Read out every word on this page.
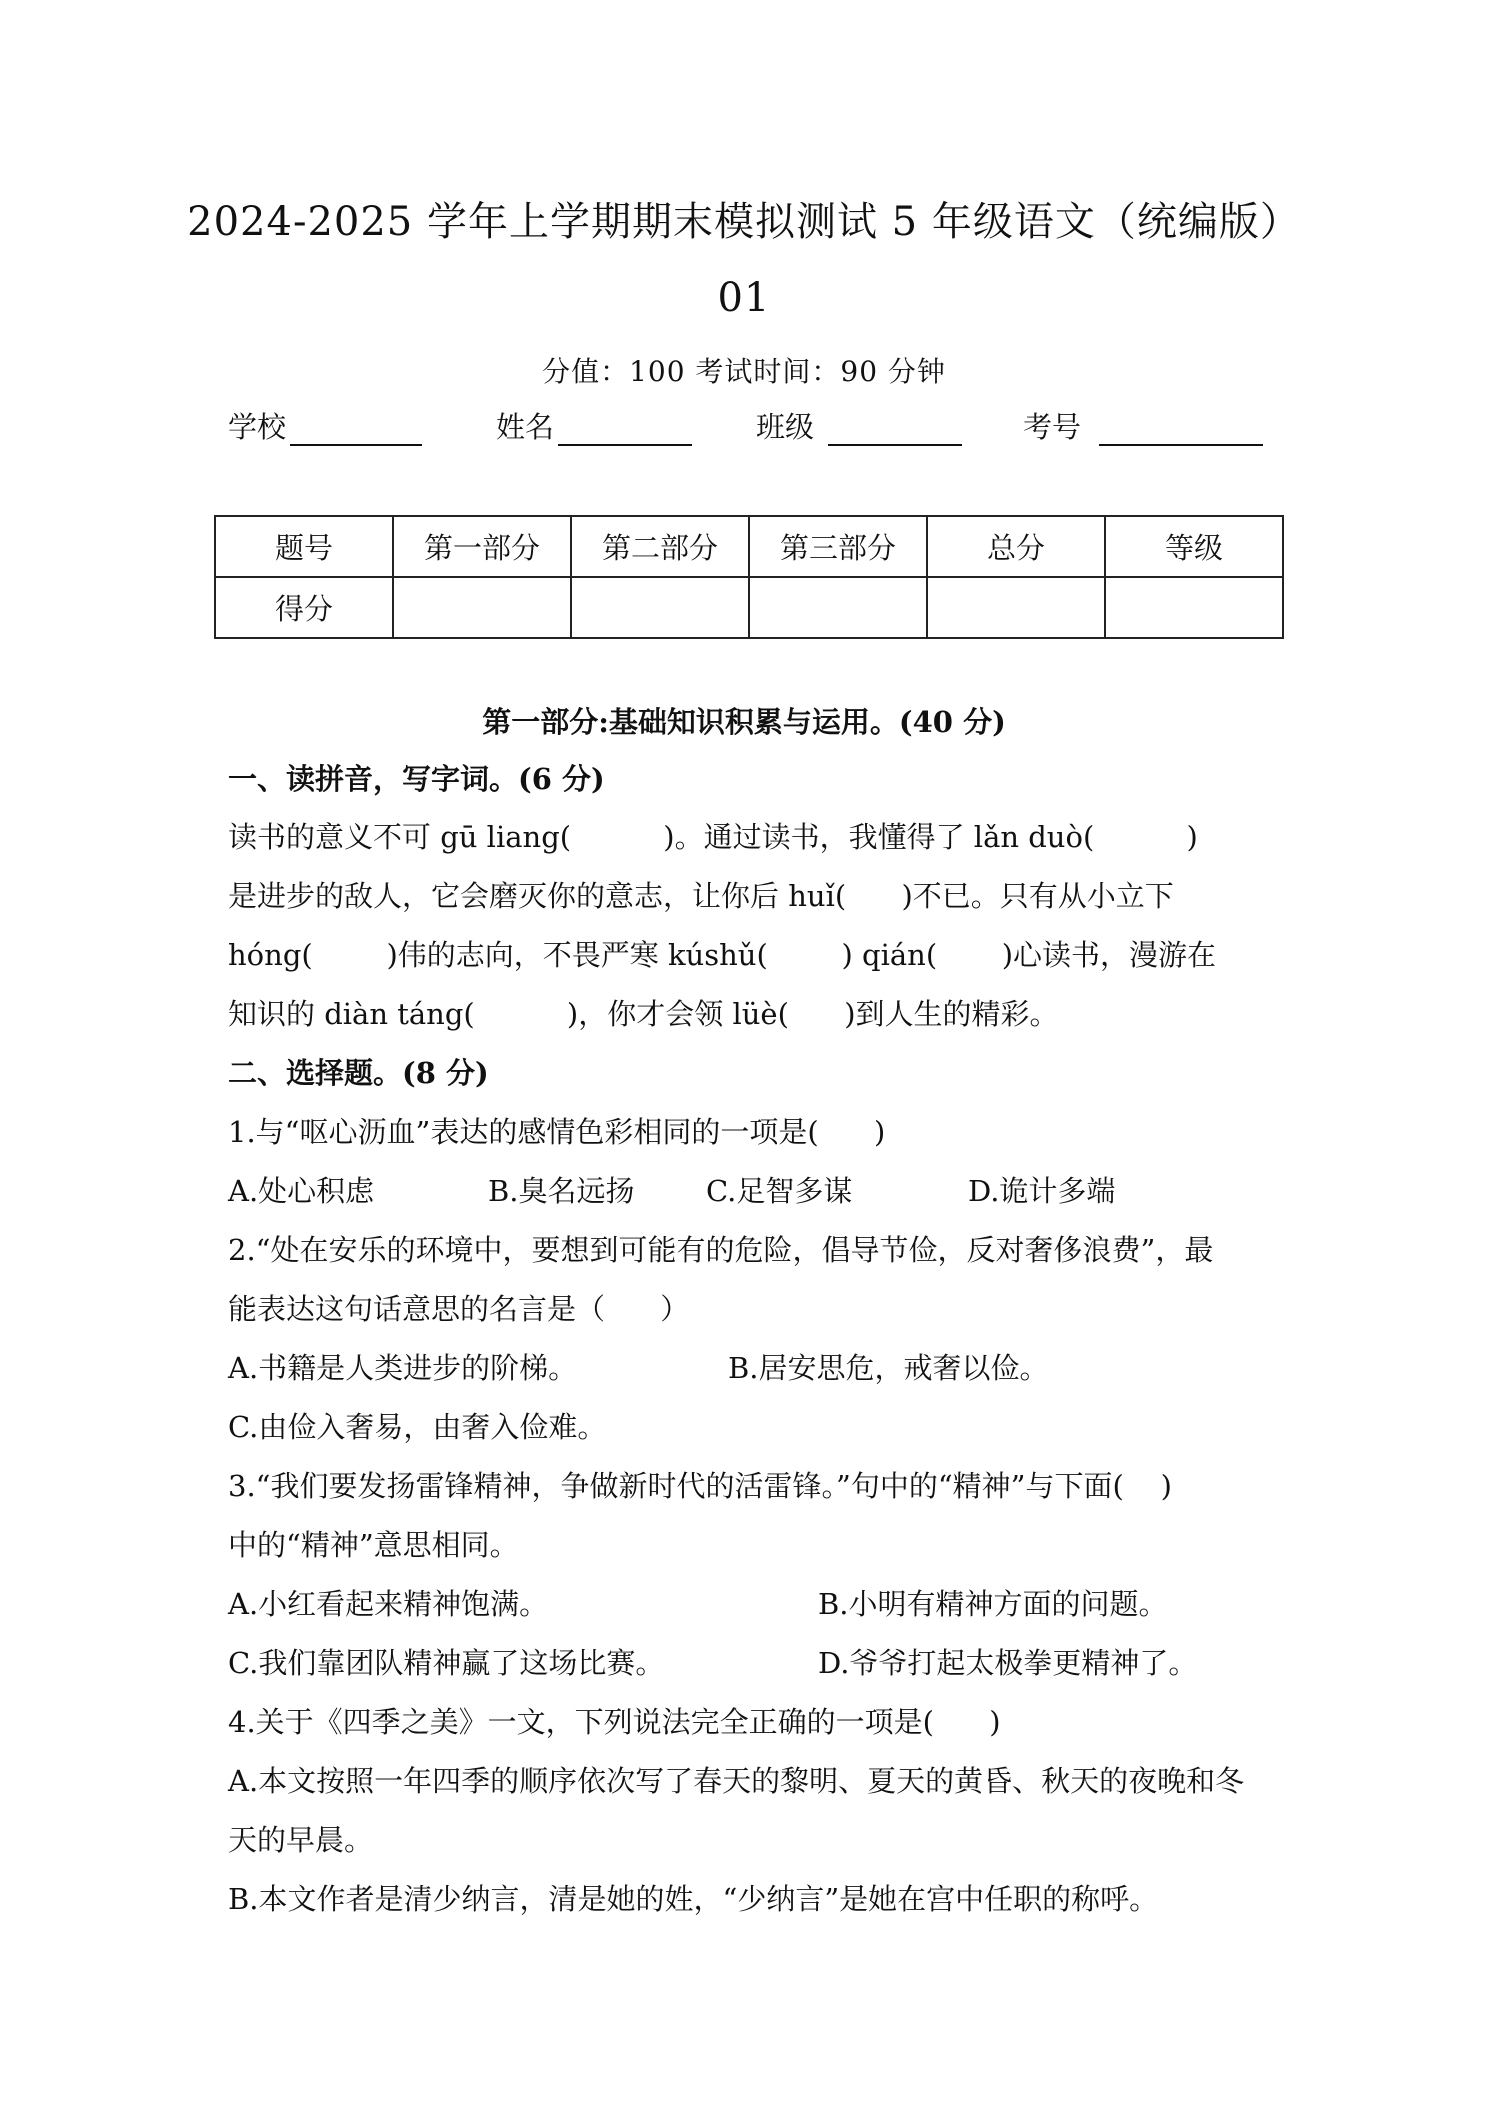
2024-2025 学年上学期期末模拟测试 5 年级语文（统编版）
01
分值：100 考试时间：90 分钟
学校	姓名	班级	考号
题号	第一部分	第二部分	第三部分	总分	等级
得分					
第一部分:基础知识积累与运用。(40 分)
一、读拼音，写字词。(6 分)
读书的意义不可 gū liang(          )。通过读书，我懂得了 lǎn duò(          )
是进步的敌人，它会磨灭你的意志，让你后 huǐ(      )不已。只有从小立下
hóng(        )伟的志向，不畏严寒 kúshǔ(        ) qián(       )心读书，漫游在
知识的 diàn táng(          )，你才会领 lüè(      )到人生的精彩。
二、选择题。(8 分)
1.与“呕心沥血”表达的感情色彩相同的一项是(      )
A.处心积虑	B.臭名远扬 C.足智多谋	D.诡计多端
2.“处在安乐的环境中，要想到可能有的危险，倡导节俭，反对奢侈浪费”，最
能表达这句话意思的名言是（      ）
A.书籍是人类进步的阶梯。	B.居安思危，戒奢以俭。
C.由俭入奢易，由奢入俭难。
3.“我们要发扬雷锋精神，争做新时代的活雷锋。”句中的“精神”与下面(    )
中的“精神”意思相同。
A.小红看起来精神饱满。	B.小明有精神方面的问题。
C.我们靠团队精神赢了这场比赛。	D.爷爷打起太极拳更精神了。
4.关于《四季之美》一文，下列说法完全正确的一项是(      )
A.本文按照一年四季的顺序依次写了春天的黎明、夏天的黄昏、秋天的夜晚和冬
天的早晨。
B.本文作者是清少纳言，清是她的姓，“少纳言”是她在宫中任职的称呼。
